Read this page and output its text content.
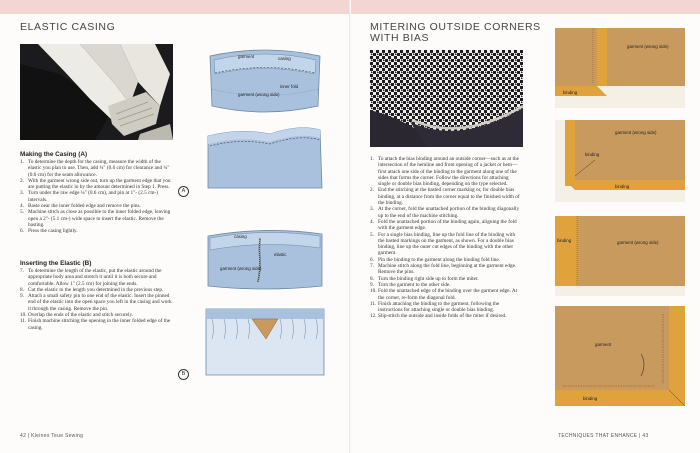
ELASTIC CASING
Making the Casing (A)
1. To determine the depth for the casing, measure the width of the elastic you plan to use. Then, add ¼" (0.6 cm) for clearance and ¼" (0.6 cm) for the seam allowance.
2. With the garment wrong side out, turn up the garment edge that you are putting the elastic in by the amount determined in Step 1. Press.
3. Turn under the raw edge ¼" (0.6 cm), and pin at 1"- (2.5 cm-) intervals.
4. Baste near the inner folded edge and remove the pins.
5. Machine stitch as close as possible to the inner folded edge, leaving open a 2"- (5.1 cm-) wide space to insert the elastic. Remove the basting.
6. Press the casing lightly.
Inserting the Elastic (B)
7. To determine the length of the elastic, put the elastic around the appropriate body area and stretch it until it is both secure and comfortable. Allow 1" (2.5 cm) for joining the ends.
8. Cut the elastic to the length you determined in the previous step.
9. Attach a small safety pin to one end of the elastic. Insert the pinned end of the elastic into the open space you left in the casing and work it through the casing. Remove the pin.
10. Overlap the ends of the elastic and stitch securely.
11. Finish machine stitching the opening in the inner folded edge of the casing.
garment	casing
inner fold
garment (wrong side)
A
casing
elastic
garment (wrong side)
B
42 | Kleines Teue Sewing
MITERING OUTSIDE CORNERS
WITH BIAS
1. To attach the bias binding around an outside corner—such as at the intersection of the hemline and front opening of a jacket or hem—first attach one side of the binding to the garment along one of the sides that forms the corner. Follow the directions for attaching single or double bias binding, depending on the type selected.
2. End the stitching at the basted corner marking or, for double bias binding, at a distance from the corner equal to the finished width of the binding.
3. At the corner, fold the unattached portion of the binding diagonally up to the end of the machine stitching.
4. Fold the unattached portion of the binding again, aligning the fold with the garment edge.
5. For a single bias binding, line up the fold line of the binding with the basted markings on the garment, as shown. For a double bias binding, line up the outer cut edges of the binding with the other garment.
6. Pin the binding to the garment along the binding fold line.
7. Machine stitch along the fold line, beginning at the garment edge. Remove the pins.
8. Turn the binding right side up to form the miter.
9. Turn the garment to the other side.
10. Fold the unattached edge of the binding over the garment edge. At the corner, re-form the diagonal fold.
11. Finish attaching the binding to the garment, following the instructions for attaching single or double bias binding.
12. Slip-stitch the outside and inside folds of the miter if desired.
garment (wrong side)
binding
garment (wrong side)
binding
binding
binding	garment (wrong side)
garment
binding
TECHNIQUES THAT ENHANCE | 43
